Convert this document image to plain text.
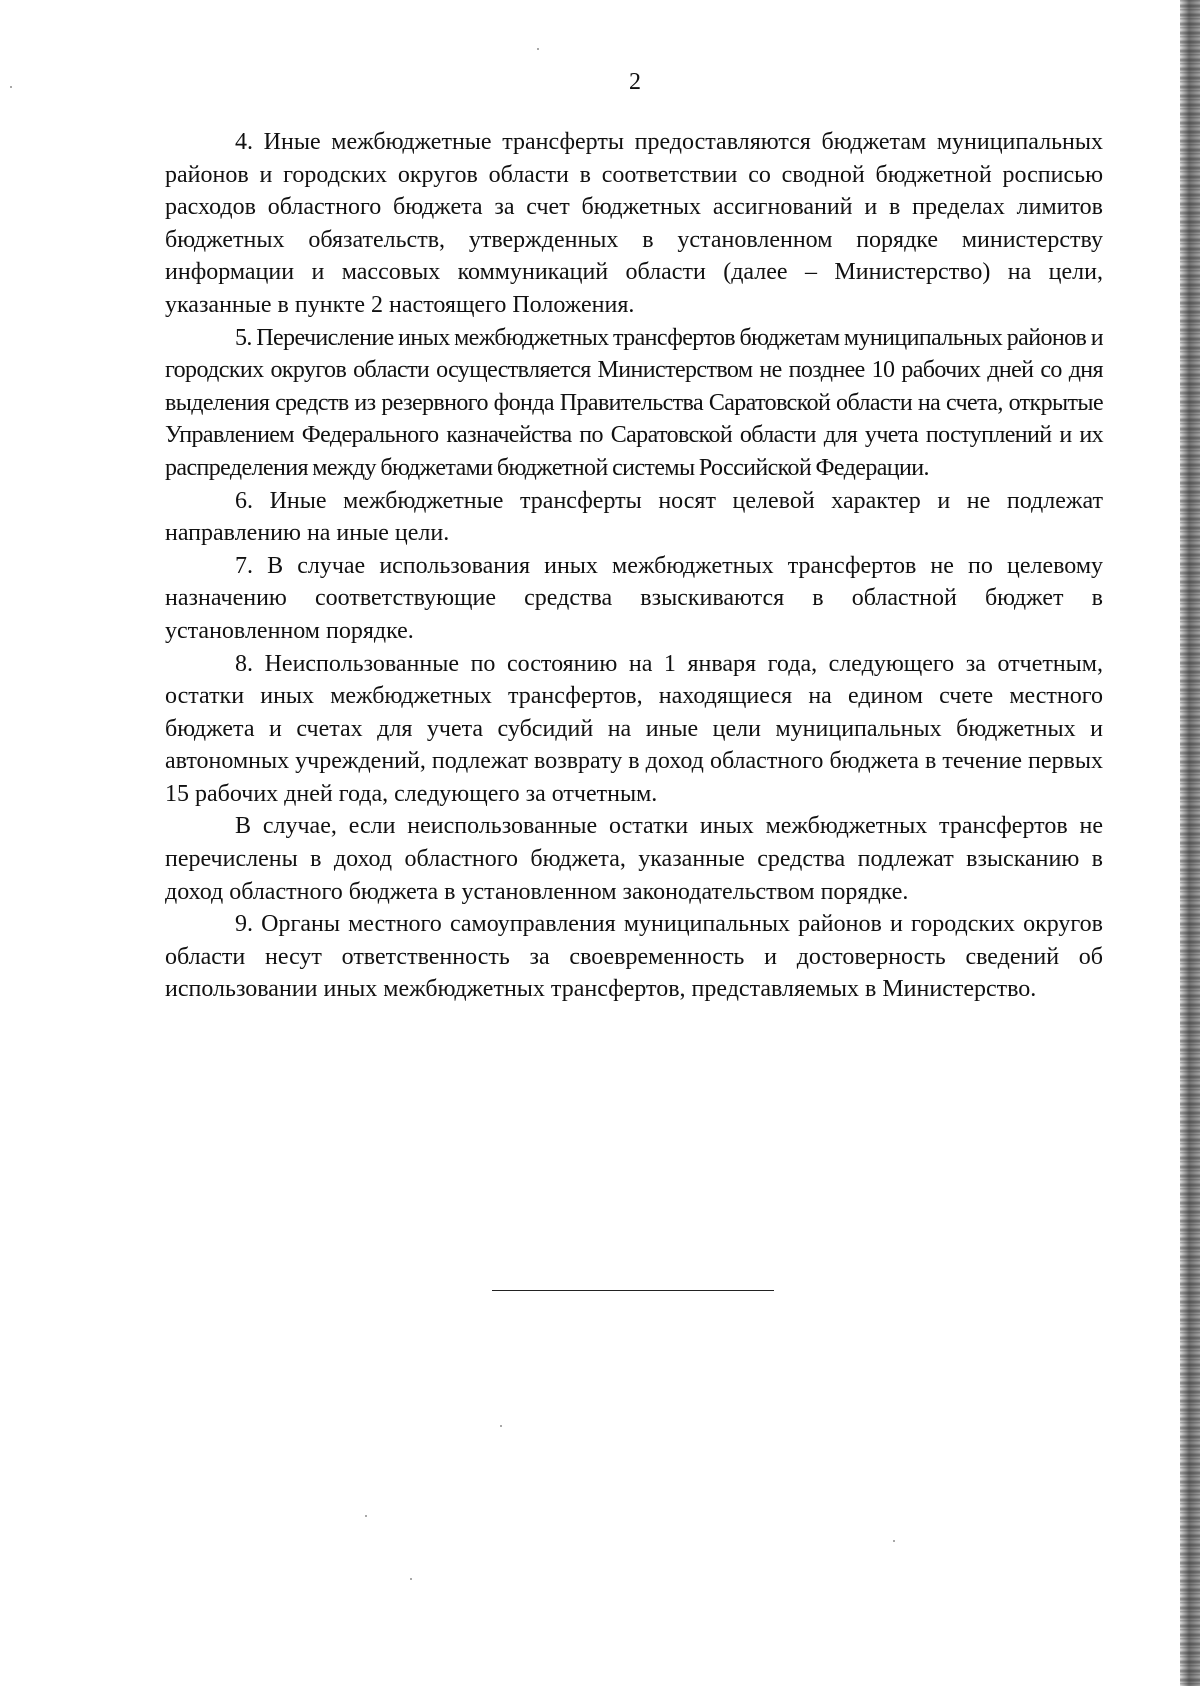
2

4. Иные межбюджетные трансферты предоставляются бюджетам муниципальных районов и городских округов области в соответствии со сводной бюджетной росписью расходов областного бюджета за счет бюджетных ассигнований и в пределах лимитов бюджетных обязательств, утвержденных в установленном порядке министерству информации и массовых коммуникаций области (далее – Министерство) на цели, указанные в пункте 2 настоящего Положения.

5. Перечисление иных межбюджетных трансфертов бюджетам муниципальных районов и городских округов области осуществляется Министерством не позднее 10 рабочих дней со дня выделения средств из резервного фонда Правительства Саратовской области на счета, открытые Управлением Федерального казначейства по Саратовской области для учета поступлений и их распределения между бюджетами бюджетной системы Российской Федерации.

6. Иные межбюджетные трансферты носят целевой характер и не подлежат направлению на иные цели.

7. В случае использования иных межбюджетных трансфертов не по целевому назначению соответствующие средства взыскиваются в областной бюджет в установленном порядке.

8. Неиспользованные по состоянию на 1 января года, следующего за отчетным, остатки иных межбюджетных трансфертов, находящиеся на едином счете местного бюджета и счетах для учета субсидий на иные цели муниципальных бюджетных и автономных учреждений, подлежат возврату в доход областного бюджета в течение первых 15 рабочих дней года, следующего за отчетным.

В случае, если неиспользованные остатки иных межбюджетных трансфертов не перечислены в доход областного бюджета, указанные средства подлежат взысканию в доход областного бюджета в установленном законодательством порядке.

9. Органы местного самоуправления муниципальных районов и городских округов области несут ответственность за своевременность и достоверность сведений об использовании иных межбюджетных трансфертов, представляемых в Министерство.
